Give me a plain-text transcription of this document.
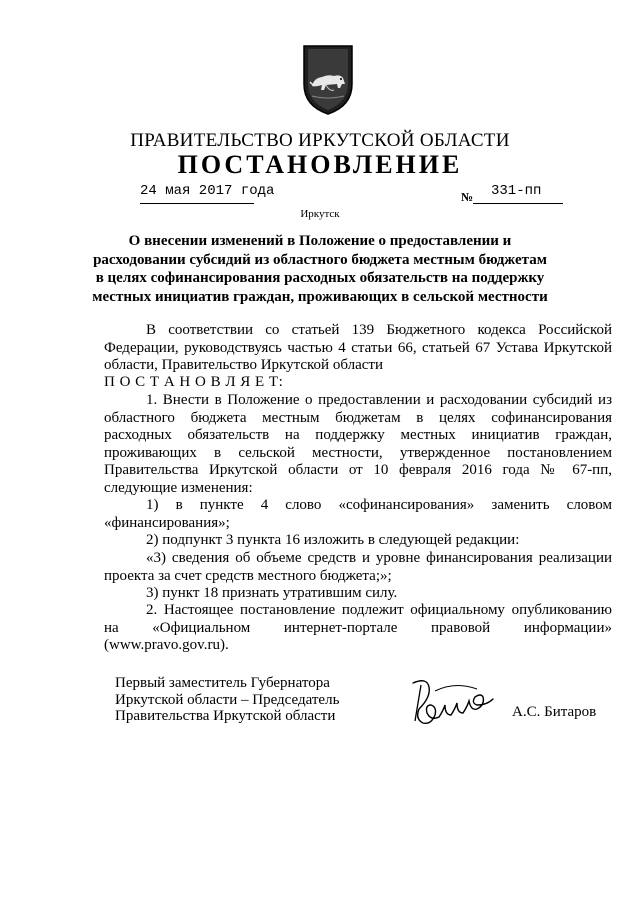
ПРАВИТЕЛЬСТВО ИРКУТСКОЙ ОБЛАСТИ
ПОСТАНОВЛЕНИЕ
24 мая 2017 года	№ 331-пп
Иркутск
О внесении изменений в Положение о предоставлении и расходовании субсидий из областного бюджета местным бюджетам в целях софинансирования расходных обязательств на поддержку местных инициатив граждан, проживающих в сельской местности
В соответствии со статьей 139 Бюджетного кодекса Российской Федерации, руководствуясь частью 4 статьи 66, статьей 67 Устава Иркутской области, Правительство Иркутской области
П О С Т А Н О В Л Я Е Т:
1. Внести в Положение о предоставлении и расходовании субсидий из областного бюджета местным бюджетам в целях софинансирования расходных обязательств на поддержку местных инициатив граждан, проживающих в сельской местности, утвержденное постановлением Правительства Иркутской области от 10 февраля 2016 года № 67-пп, следующие изменения:
1) в пункте 4 слово «софинансирования» заменить словом «финансирования»;
2) подпункт 3 пункта 16 изложить в следующей редакции:
«3) сведения об объеме средств и уровне финансирования реализации проекта за счет средств местного бюджета;»;
3) пункт 18 признать утратившим силу.
2. Настоящее постановление подлежит официальному опубликованию на «Официальном интернет-портале правовой информации» (www.pravo.gov.ru).
Первый заместитель Губернатора
Иркутской области – Председатель
Правительства Иркутской области	А.С. Битаров
